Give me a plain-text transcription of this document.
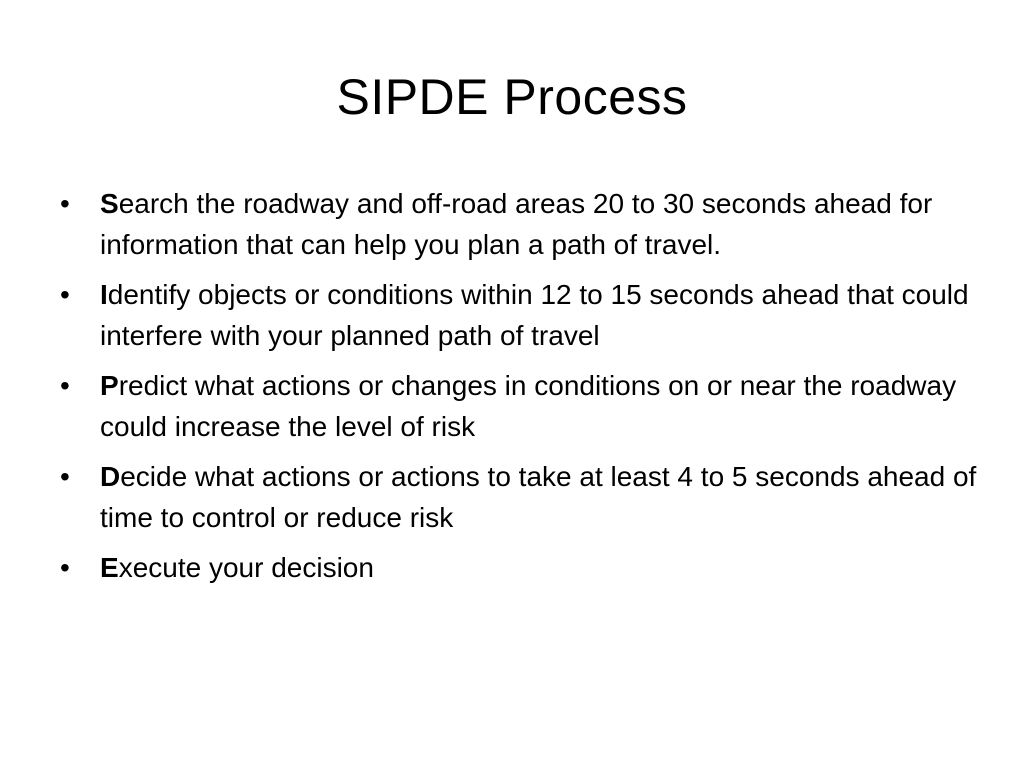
SIPDE Process
• Search the roadway and off-road areas 20 to 30 seconds ahead for information that can help you plan a path of travel.
• Identify objects or conditions within 12 to 15 seconds ahead that could interfere with your planned path of travel
• Predict what actions or changes in conditions on or near the roadway could increase the level of risk
• Decide what actions or actions to take at least 4 to 5 seconds ahead of time to control or reduce risk
• Execute your decision
